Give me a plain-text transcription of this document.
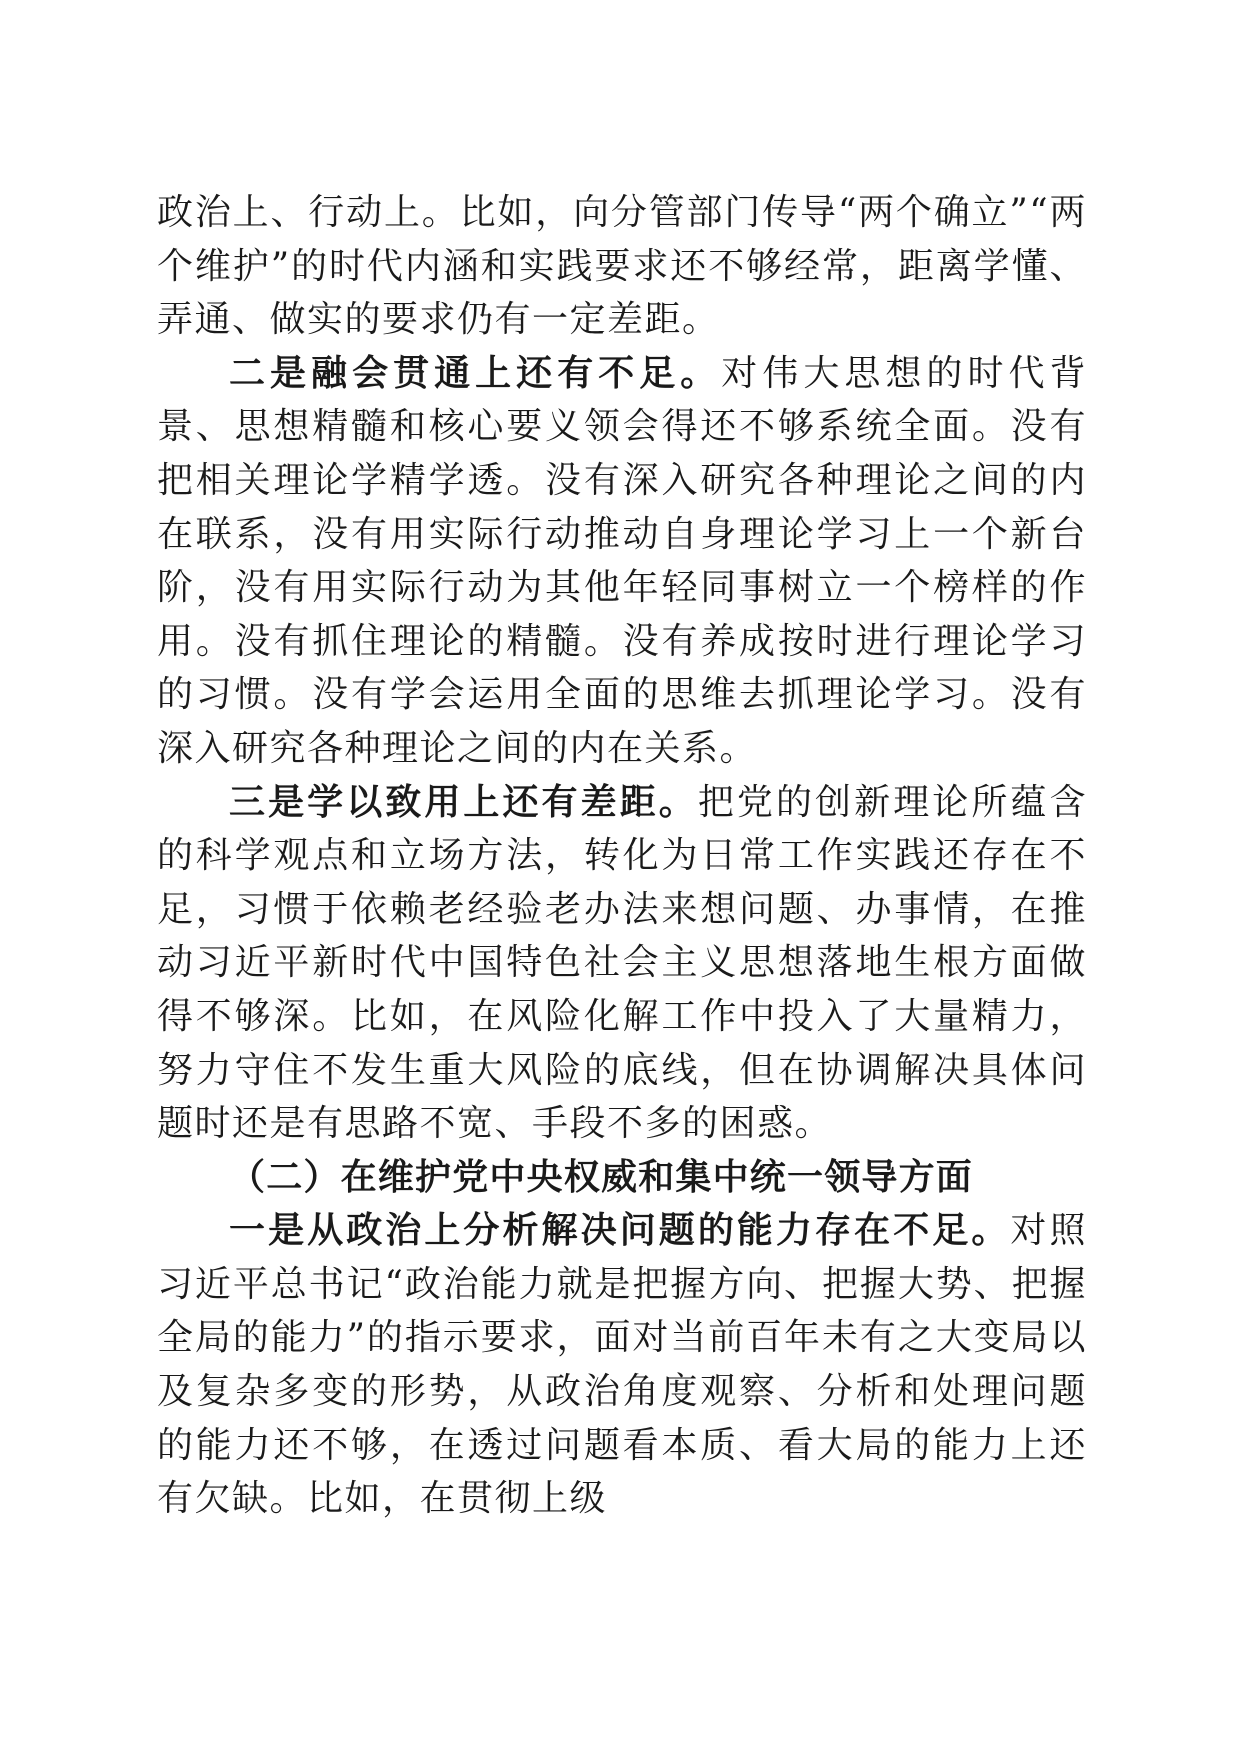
政治上、行动上。比如，向分管部门传导“两个确立”“两个维护”的时代内涵和实践要求还不够经常，距离学懂、弄通、做实的要求仍有一定差距。

二是融会贯通上还有不足。对伟大思想的时代背景、思想精髓和核心要义领会得还不够系统全面。没有把相关理论学精学透。没有深入研究各种理论之间的内在联系，没有用实际行动推动自身理论学习上一个新台阶，没有用实际行动为其他年轻同事树立一个榜样的作用。没有抓住理论的精髓。没有养成按时进行理论学习的习惯。没有学会运用全面的思维去抓理论学习。没有深入研究各种理论之间的内在关系。

三是学以致用上还有差距。把党的创新理论所蕴含的科学观点和立场方法，转化为日常工作实践还存在不足，习惯于依赖老经验老办法来想问题、办事情，在推动习近平新时代中国特色社会主义思想落地生根方面做得不够深。比如，在风险化解工作中投入了大量精力，努力守住不发生重大风险的底线，但在协调解决具体问题时还是有思路不宽、手段不多的困惑。

（二）在维护党中央权威和集中统一领导方面

一是从政治上分析解决问题的能力存在不足。对照习近平总书记“政治能力就是把握方向、把握大势、把握全局的能力”的指示要求，面对当前百年未有之大变局以及复杂多变的形势，从政治角度观察、分析和处理问题的能力还不够，在透过问题看本质、看大局的能力上还有欠缺。比如，在贯彻上级
